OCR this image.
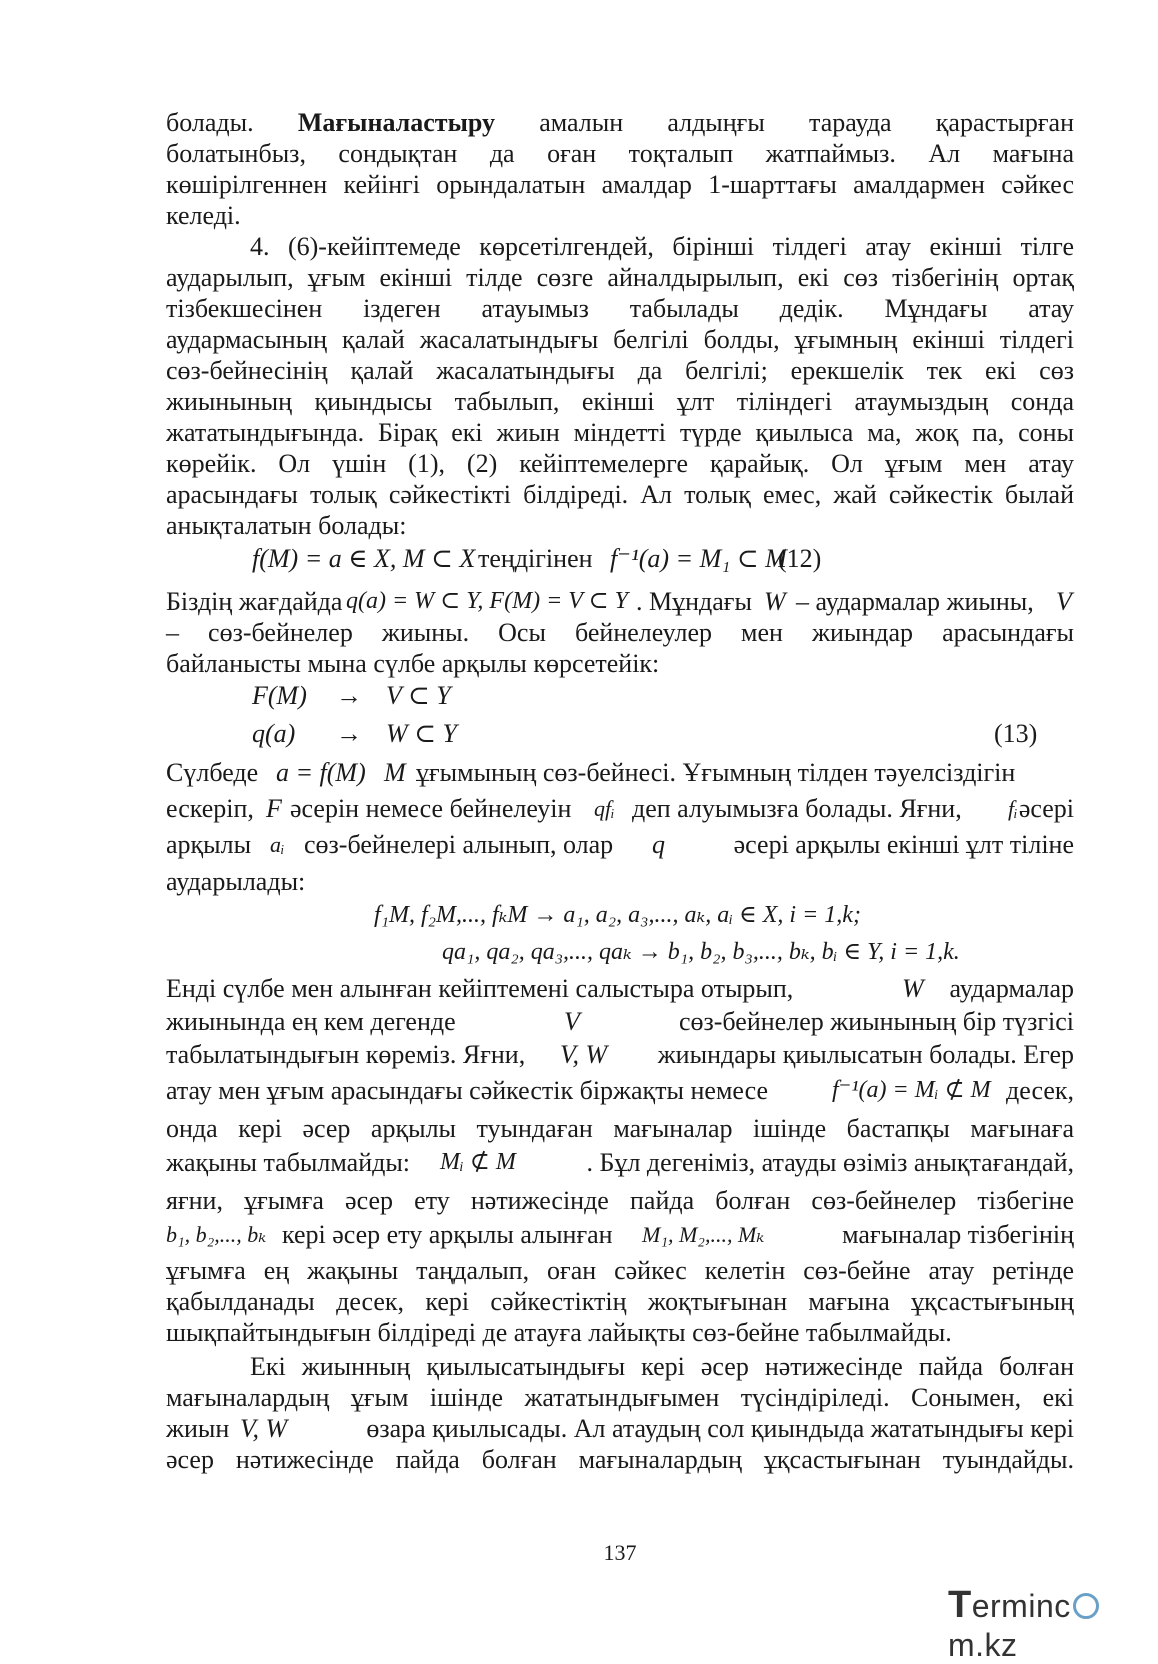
болады. Мағыналастыру амалын алдыңғы тарауда қарастырған
болатынбыз, сондықтан да оған тоқталып жатпаймыз. Ал мағына
көшірілгеннен кейінгі орындалатын амалдар 1-шарттағы амалдармен сәйкес
келеді.
4. (6)-кейіптемеде көрсетілгендей, бірінші тілдегі атау екінші тілге
аударылып, ұғым екінші тілде сөзге айналдырылып, екі сөз тізбегінің ортақ
тізбекшесінен іздеген атауымыз табылады дедік. Мұндағы атау
аудармасының қалай жасалатындығы белгілі болды, ұғымның екінші тілдегі
сөз-бейнесінің қалай жасалатындығы да белгілі; ерекшелік тек екі сөз
жиынының қиындысы табылып, екінші ұлт тіліндегі атаумыздың сонда
жататындығында. Бірақ екі жиын міндетті түрде қиылыса ма, жоқ па, соны
көрейік. Ол үшін (1), (2) кейіптемелерге қарайық. Ол ұғым мен атау
арасындағы толық сәйкестікті білдіреді. Ал толық емес, жай сәйкестік былай
анықталатын болады:
f(M) = a ∈ X, M ⊂ X теңдігінен f⁻¹(a) = M₁ ⊂ M
(12)
Біздің жағдайда q(a) = W ⊂ Y, F(M) = V ⊂ Y . Мұндағы W – аудармалар жиыны, V
– сөз-бейнелер жиыны. Осы бейнелеулер мен жиындар арасындағы
байланысты мына сүлбе арқылы көрсетейік:
F(M) → V ⊂ Y
q(a) → W ⊂ Y	(13)
Сүлбеде a = f(M) M ұғымының сөз-бейнесі. Ұғымның тілден тәуелсіздігін
ескеріп, F әсерін немесе бейнелеуін qfᵢ деп алуымызға болады. Яғни, fᵢ әсері
арқылы aᵢ сөз-бейнелері алынып, олар q	әсері арқылы екінші ұлт тіліне
аударылады:
f₁M, f₂M,..., fₖM → a₁, a₂, a₃,..., aₖ, aᵢ ∈ X, i = 1,k;
qa₁, qa₂, qa₃,..., qaₖ → b₁, b₂, b₃,..., bₖ, bᵢ ∈ Y, i = 1,k.
Енді сүлбе мен алынған кейіптемені салыстыра отырып,	W аудармалар
жиынында ең кем дегенде	V	сөз-бейнелер жиынының бір түзгісі
табылатындығын көреміз. Яғни, V, W	жиындары қиылысатын болады. Егер
атау мен ұғым арасындағы сәйкестік біржақты немесе	f⁻¹(a) = Mᵢ ⊄ M десек,
онда кері әсер арқылы туындаған мағыналар ішінде бастапқы мағынаға
жақыны табылмайды: Mᵢ ⊄ M	. Бұл дегеніміз, атауды өзіміз анықтағандай,
яғни, ұғымға әсер ету нәтижесінде пайда болған сөз-бейнелер тізбегіне
b₁, b₂,..., bₖ кері әсер ету арқылы алынған M₁, M₂,..., Mₖ	мағыналар тізбегінің
ұғымға ең жақыны таңдалып, оған сәйкес келетін сөз-бейне атау ретінде
қабылданады десек, кері сәйкестіктің жоқтығынан мағына ұқсастығының
шықпайтындығын білдіреді де атауға лайықты сөз-бейне табылмайды.
Екі жиынның қиылысатындығы кері әсер нәтижесінде пайда болған
мағыналардың ұғым ішінде жататындығымен түсіндіріледі. Сонымен, екі
жиын V, W	өзара қиылысады. Ал атаудың сол қиындыда жататындығы кері
әсер нәтижесінде пайда болған мағыналардың ұқсастығынан туындайды.
137
Termincm.kz
